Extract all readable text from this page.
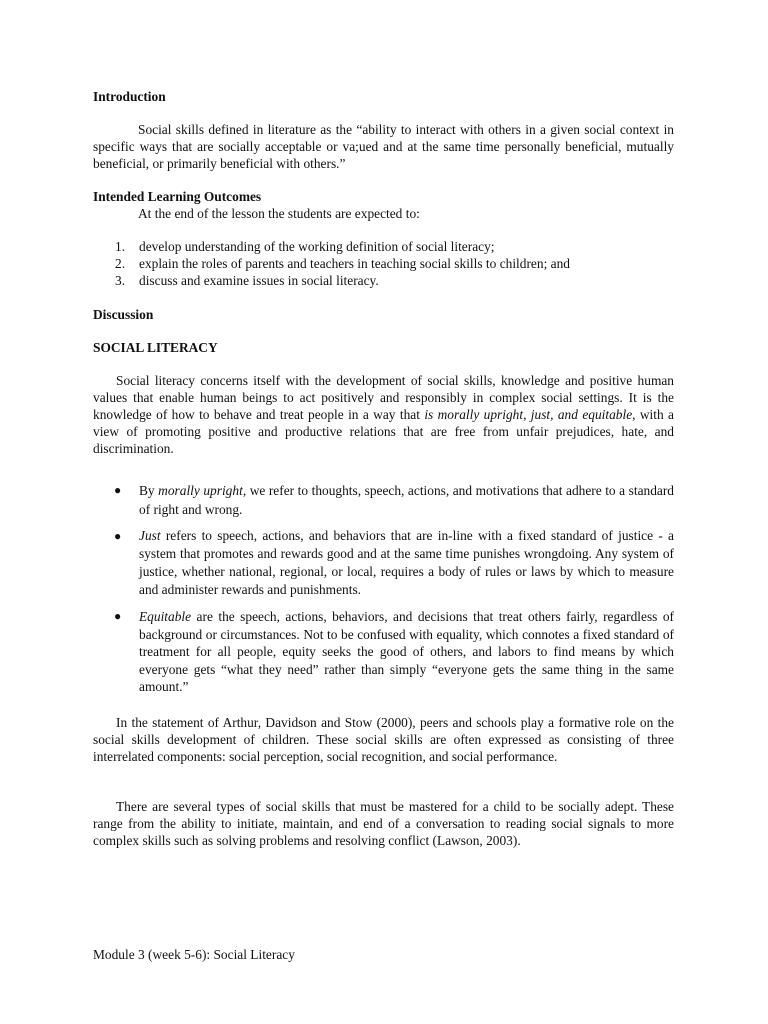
Introduction

Social skills defined in literature as the “ability to interact with others in a given social context in specific ways that are socially acceptable or va;ued and at the same time personally beneficial, mutually beneficial, or primarily beneficial with others.”

Intended Learning Outcomes

At the end of the lesson the students are expected to:

1. develop understanding of the working definition of social literacy;
2. explain the roles of parents and teachers in teaching social skills to children; and
3. discuss and examine issues in social literacy.

Discussion

SOCIAL LITERACY

Social literacy concerns itself with the development of social skills, knowledge and positive human values that enable human beings to act positively and responsibly in complex social settings. It is the knowledge of how to behave and treat people in a way that is morally upright, just, and equitable, with a view of promoting positive and productive relations that are free from unfair prejudices, hate, and discrimination.

● By morally upright, we refer to thoughts, speech, actions, and motivations that adhere to a standard of right and wrong.
● Just refers to speech, actions, and behaviors that are in-line with a fixed standard of justice - a system that promotes and rewards good and at the same time punishes wrongdoing. Any system of justice, whether national, regional, or local, requires a body of rules or laws by which to measure and administer rewards and punishments.
● Equitable are the speech, actions, behaviors, and decisions that treat others fairly, regardless of background or circumstances. Not to be confused with equality, which connotes a fixed standard of treatment for all people, equity seeks the good of others, and labors to find means by which everyone gets “what they need” rather than simply “everyone gets the same thing in the same amount.”

In the statement of Arthur, Davidson and Stow (2000), peers and schools play a formative role on the social skills development of children. These social skills are often expressed as consisting of three interrelated components: social perception, social recognition, and social performance.

There are several types of social skills that must be mastered for a child to be socially adept. These range from the ability to initiate, maintain, and end of a conversation to reading social signals to more complex skills such as solving problems and resolving conflict (Lawson, 2003).

Module 3 (week 5-6): Social Literacy
